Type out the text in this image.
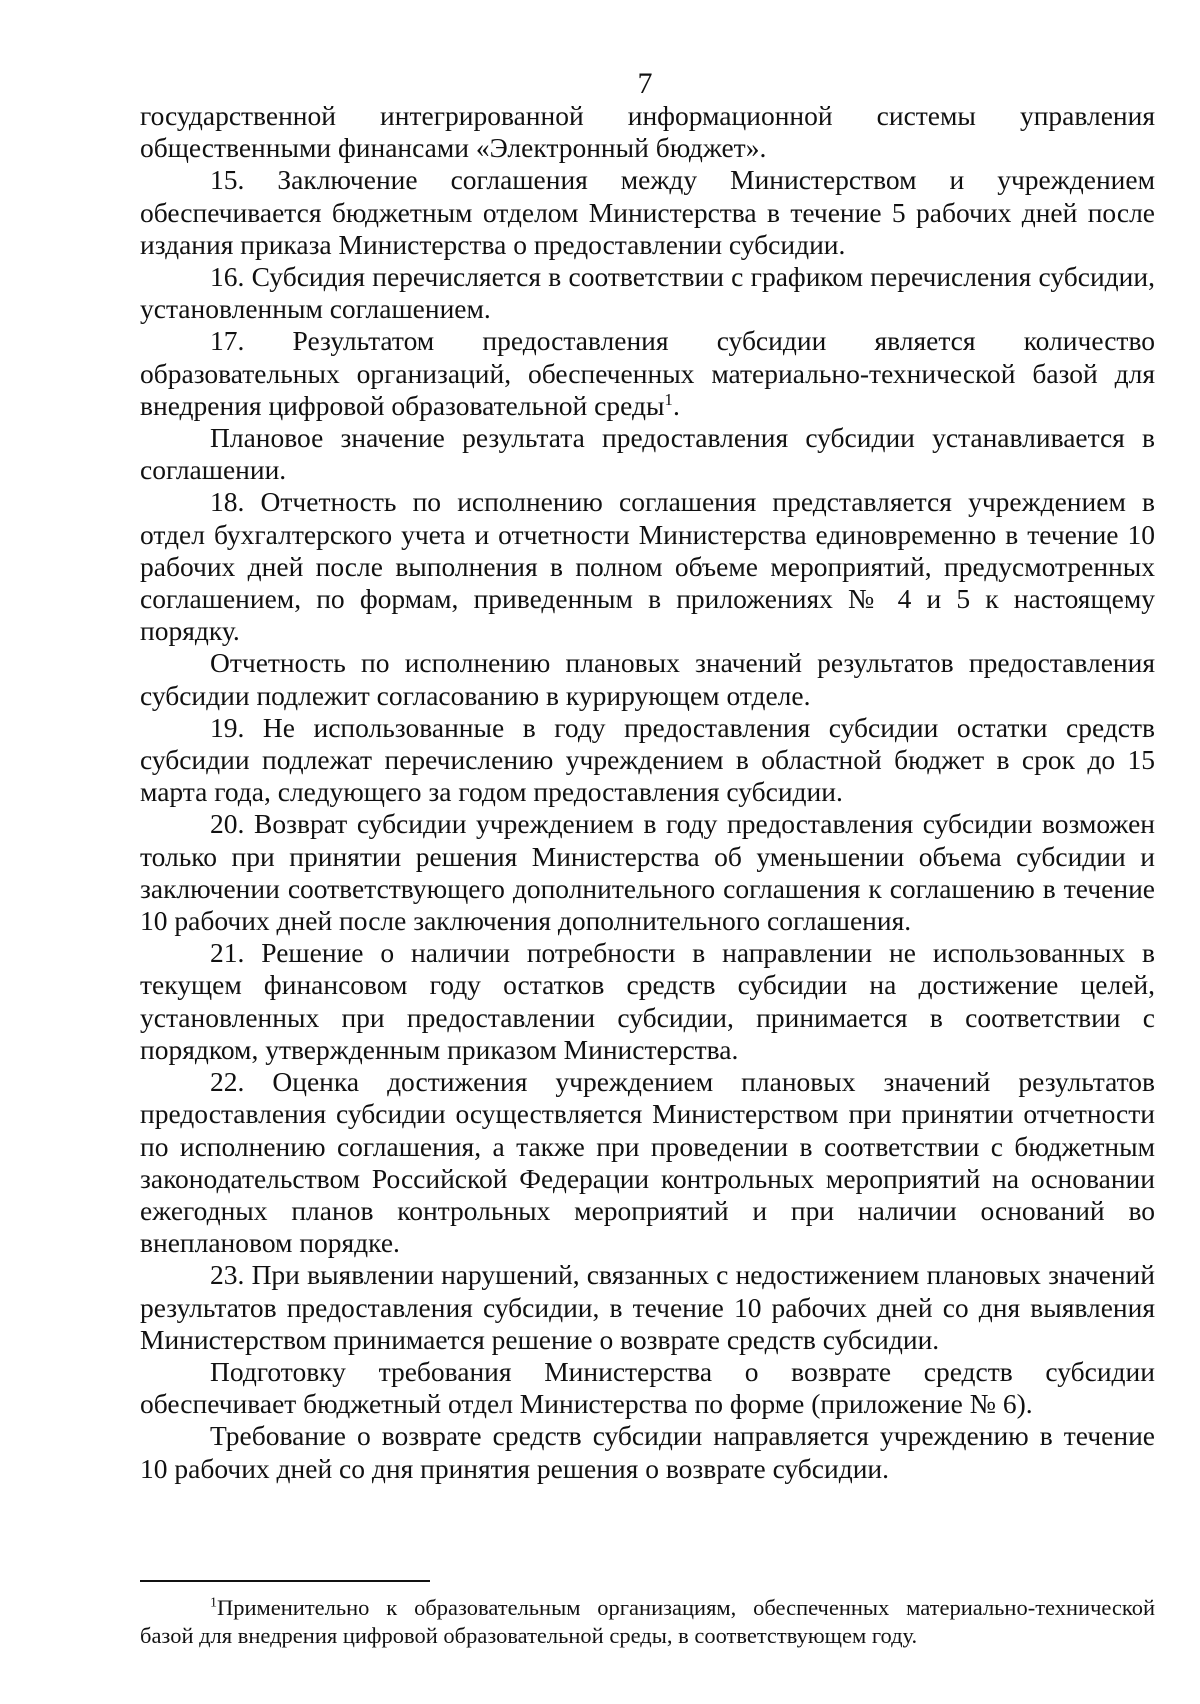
7

государственной интегрированной информационной системы управления общественными финансами «Электронный бюджет».

15. Заключение соглашения между Министерством и учреждением обеспечивается бюджетным отделом Министерства в течение 5 рабочих дней после издания приказа Министерства о предоставлении субсидии.

16. Субсидия перечисляется в соответствии с графиком перечисления субсидии, установленным соглашением.

17. Результатом предоставления субсидии является количество образовательных организаций, обеспеченных материально-технической базой для внедрения цифровой образовательной среды$^1$.

Плановое значение результата предоставления субсидии устанавливается в соглашении.

18. Отчетность по исполнению соглашения представляется учреждением в отдел бухгалтерского учета и отчетности Министерства единовременно в течение 10 рабочих дней после выполнения в полном объеме мероприятий, предусмотренных соглашением, по формам, приведенным в приложениях № 4 и 5 к настоящему порядку.

Отчетность по исполнению плановых значений результатов предоставления субсидии подлежит согласованию в курирующем отделе.

19. Не использованные в году предоставления субсидии остатки средств субсидии подлежат перечислению учреждением в областной бюджет в срок до 15 марта года, следующего за годом предоставления субсидии.

20. Возврат субсидии учреждением в году предоставления субсидии возможен только при принятии решения Министерства об уменьшении объема субсидии и заключении соответствующего дополнительного соглашения к соглашению в течение 10 рабочих дней после заключения дополнительного соглашения.

21. Решение о наличии потребности в направлении не использованных в текущем финансовом году остатков средств субсидии на достижение целей, установленных при предоставлении субсидии, принимается в соответствии с порядком, утвержденным приказом Министерства.

22. Оценка достижения учреждением плановых значений результатов предоставления субсидии осуществляется Министерством при принятии отчетности по исполнению соглашения, а также при проведении в соответствии с бюджетным законодательством Российской Федерации контрольных мероприятий на основании ежегодных планов контрольных мероприятий и при наличии оснований во внеплановом порядке.

23. При выявлении нарушений, связанных с недостижением плановых значений результатов предоставления субсидии, в течение 10 рабочих дней со дня выявления Министерством принимается решение о возврате средств субсидии.

Подготовку требования Министерства о возврате средств субсидии обеспечивает бюджетный отдел Министерства по форме (приложение № 6).

Требование о возврате средств субсидии направляется учреждению в течение 10 рабочих дней со дня принятия решения о возврате субсидии.

$^1$Применительно к образовательным организациям, обеспеченных материально-технической базой для внедрения цифровой образовательной среды, в соответствующем году.
